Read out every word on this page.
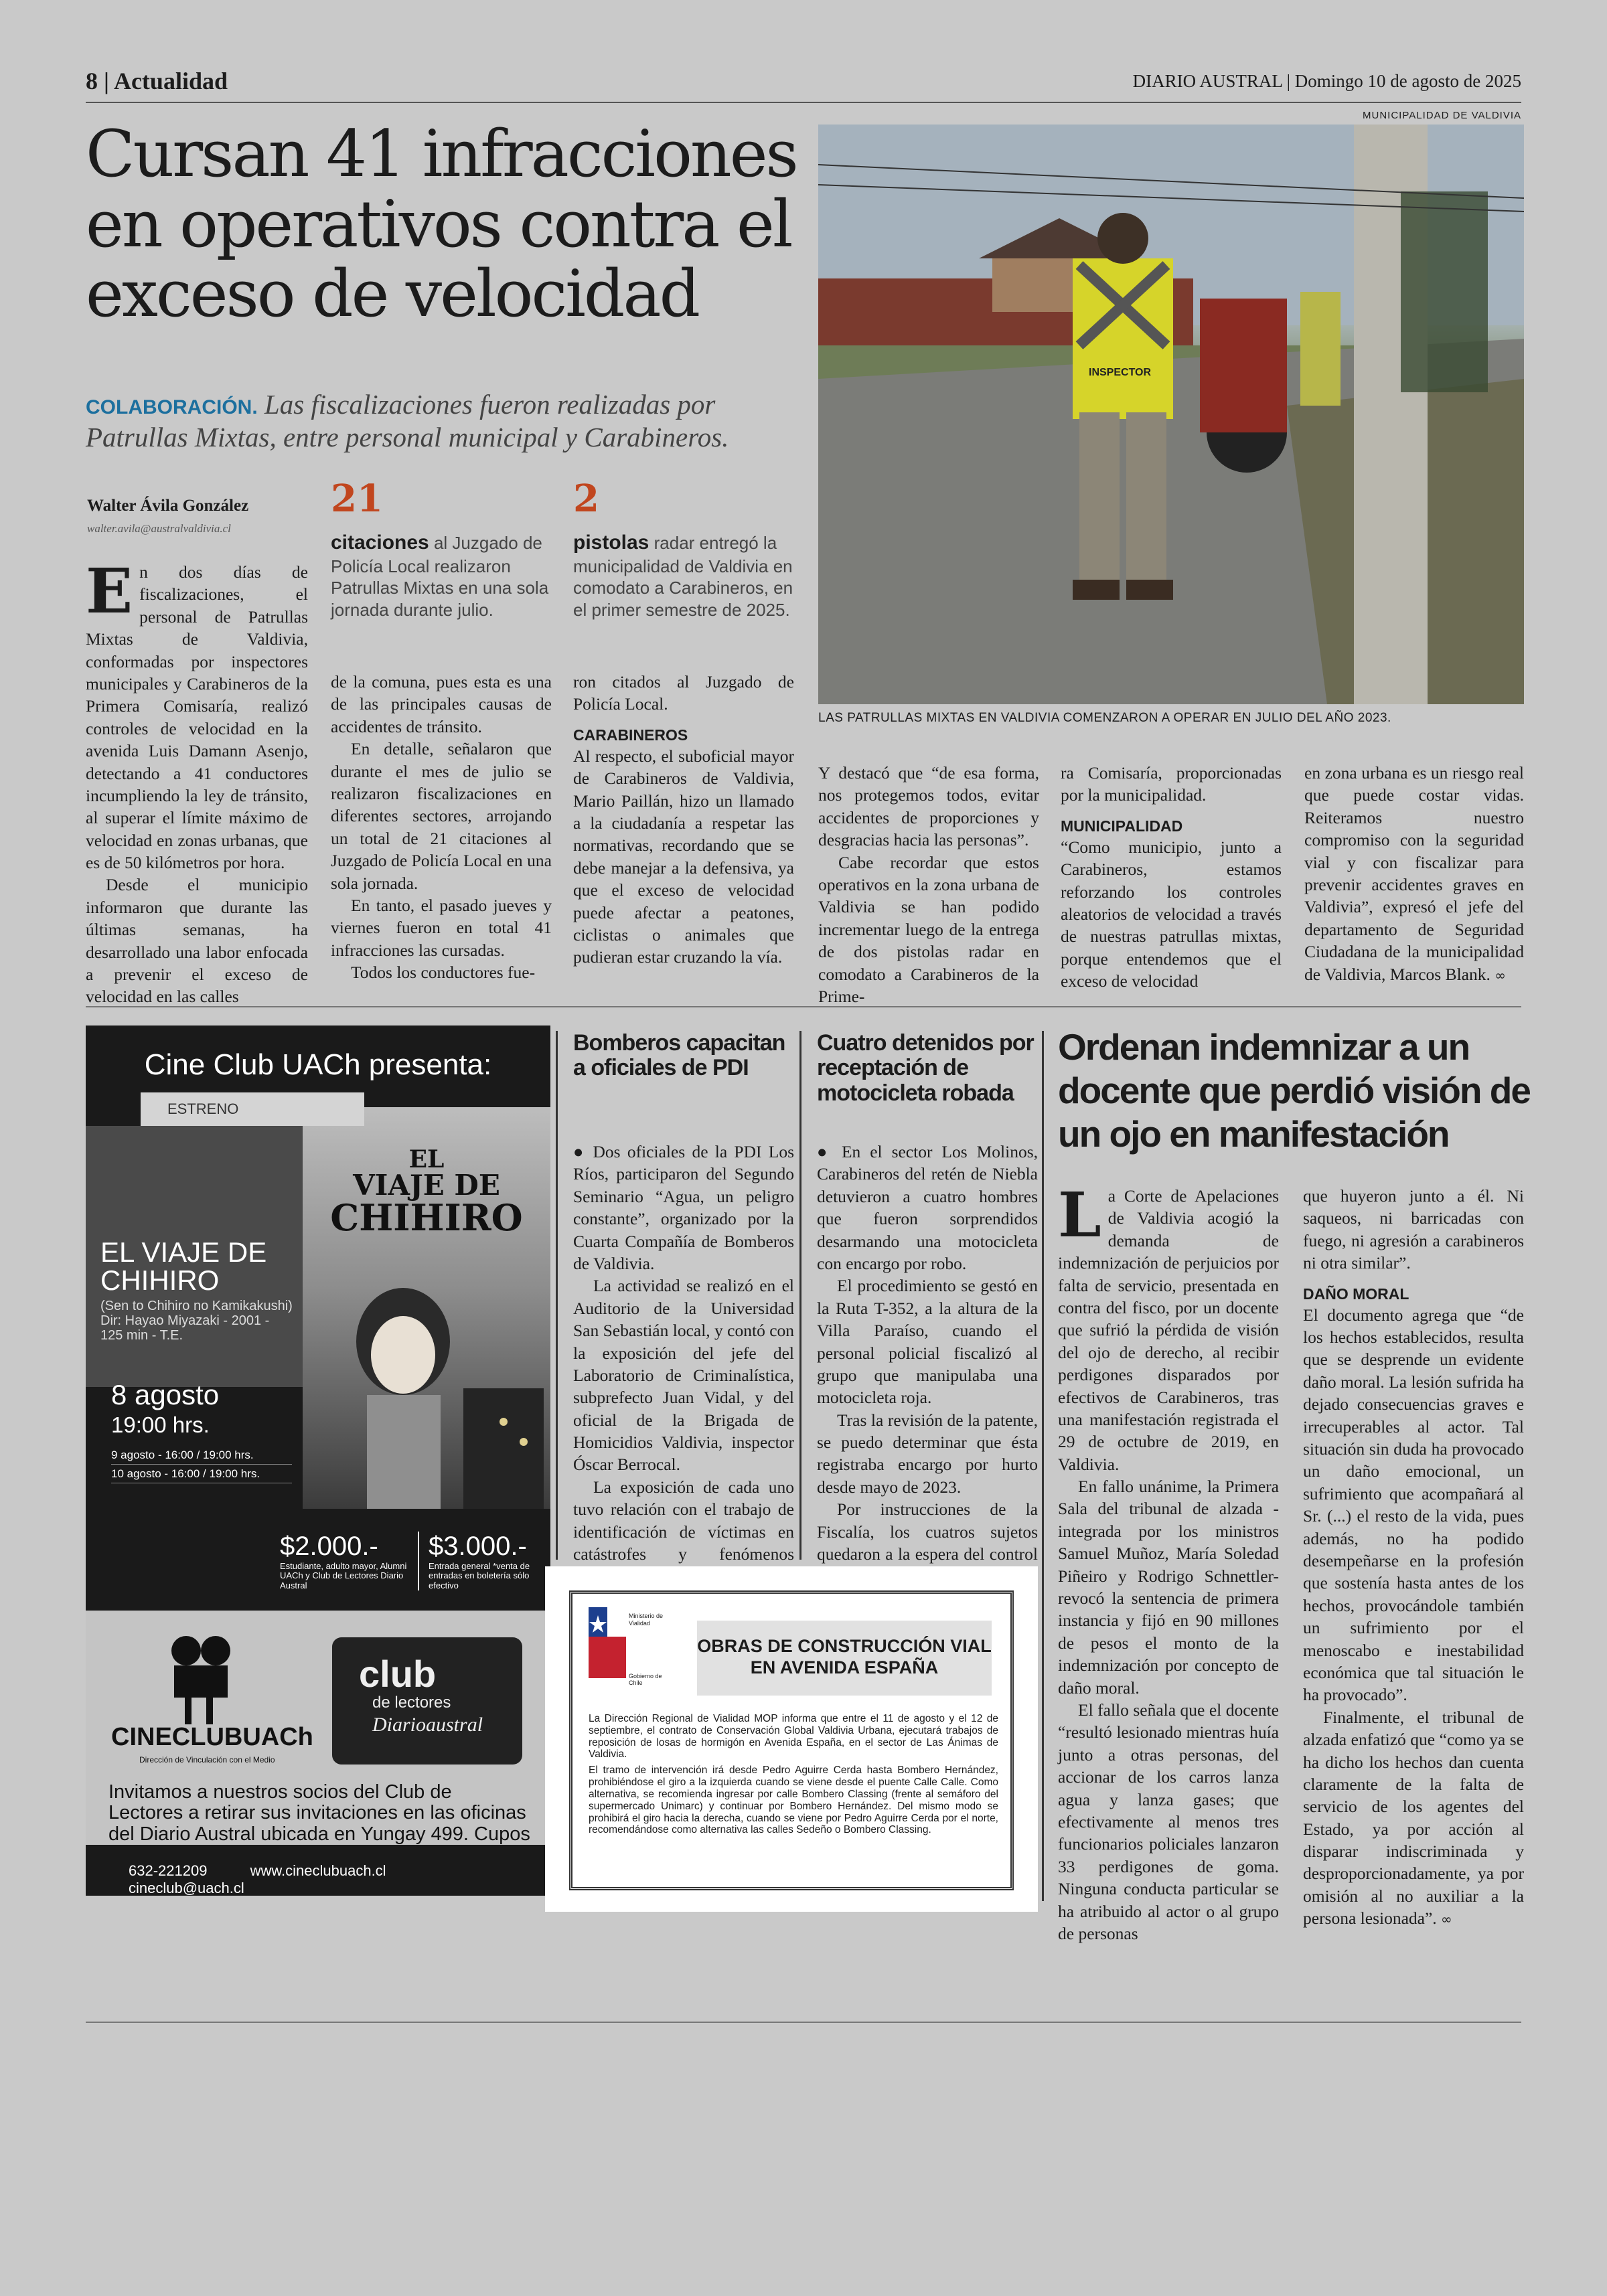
8 | Actualidad	DIARIO AUSTRAL | Domingo 10 de agosto de 2025
MUNICIPALIDAD DE VALDIVIA
Cursan 41 infracciones en operativos contra el exceso de velocidad
COLABORACIÓN. Las fiscalizaciones fueron realizadas por Patrullas Mixtas, entre personal municipal y Carabineros.
INSPECTOR
LAS PATRULLAS MIXTAS EN VALDIVIA COMENZARON A OPERAR EN JULIO DEL AÑO 2023.
Walter Ávila González
walter.avila@australvaldivia.cl
21
citaciones al Juzgado de Policía Local realizaron Patrullas Mixtas en una sola jornada durante julio.
2
pistolas radar entregó la municipalidad de Valdivia en comodato a Carabineros, en el primer semestre de 2025.

En dos días de fiscalizaciones, el personal de Patrullas Mixtas de Valdivia, conformadas por inspectores municipales y Carabineros de la Primera Comisaría, realizó controles de velocidad en la avenida Luis Damann Asenjo, detectando a 41 conductores incumpliendo la ley de tránsito, al superar el límite máximo de velocidad en zonas urbanas, que es de 50 kilómetros por hora.

Desde el municipio informaron que durante las últimas semanas, ha desarrollado una labor enfocada a prevenir el exceso de velocidad en las calles

de la comuna, pues esta es una de las principales causas de accidentes de tránsito.

En detalle, señalaron que durante el mes de julio se realizaron fiscalizaciones en diferentes sectores, arrojando un total de 21 citaciones al Juzgado de Policía Local en una sola jornada.

En tanto, el pasado jueves y viernes fueron en total 41 infracciones las cursadas.

Todos los conductores fue-

ron citados al Juzgado de Policía Local.

CARABINEROS

Al respecto, el suboficial mayor de Carabineros de Valdivia, Mario Paillán, hizo un llamado a la ciudadanía a respetar las normativas, recordando que se debe manejar a la defensiva, ya que el exceso de velocidad puede afectar a peatones, ciclistas o animales que pudieran estar cruzando la vía.

Y destacó que “de esa forma, nos protegemos todos, evitar accidentes de proporciones y desgracias hacia las personas”.

Cabe recordar que estos operativos en la zona urbana de Valdivia se han podido incrementar luego de la entrega de dos pistolas radar en comodato a Carabineros de la Prime-

ra Comisaría, proporcionadas por la municipalidad.

MUNICIPALIDAD

“Como municipio, junto a Carabineros, estamos reforzando los controles aleatorios de velocidad a través de nuestras patrullas mixtas, porque entendemos que el exceso de velocidad

en zona urbana es un riesgo real que puede costar vidas. Reiteramos nuestro compromiso con la seguridad vial y con fiscalizar para prevenir accidentes graves en Valdivia”, expresó el jefe del departamento de Seguridad Ciudadana de la municipalidad de Valdivia, Marcos Blank. ∞

Cine Club UACh presenta:
EL
VIAJE DE
CHIHIRO
ESTRENO
EL VIAJE DE CHIHIRO
(Sen to Chihiro no Kamikakushi)
Dir: Hayao Miyazaki - 2001 -
125 min - T.E.
8 agosto
19:00 hrs.
9 agosto - 16:00 / 19:00 hrs.
10 agosto - 16:00 / 19:00 hrs.
$2.000.-
Estudiante, adulto mayor, Alumni UACh y Club de Lectores Diario Austral
$3.000.-
Entrada general *venta de entradas en boletería sólo efectivo
CINECLUBUACh
Dirección de Vinculación con el Medio
club
de lectores
Diarioaustral
Invitamos a nuestros socios del Club de Lectores a retirar sus invitaciones en las oficinas del Diario Austral ubicada en Yungay 499. Cupos
632-221209	www.cineclubuach.cl cineclub@uach.cl
Bomberos capacitan a oficiales de PDI

● Dos oficiales de la PDI Los Ríos, participaron del Segundo Seminario “Agua, un peligro constante”, organizado por la Cuarta Compañía de Bomberos de Valdivia.

La actividad se realizó en el Auditorio de la Universidad San Sebastián local, y contó con la exposición del jefe del Laboratorio de Criminalística, subprefecto Juan Vidal, y del oficial de la Brigada de Homicidios Valdivia, inspector Óscar Berrocal.

La exposición de cada uno tuvo relación con el trabajo de identificación de víctimas en catástrofes y fenómenos

Cuatro detenidos por receptación de motocicleta robada

● En el sector Los Molinos, Carabineros del retén de Niebla detuvieron a cuatro hombres que fueron sorprendidos desarmando una motocicleta con encargo por robo.

El procedimiento se gestó en la Ruta T-352, a la altura de la Villa Paraíso, cuando el personal policial fiscalizó al grupo que manipulaba una motocicleta roja.

Tras la revisión de la patente, se puedo determinar que ésta registraba encargo por hurto desde mayo de 2023.

Por instrucciones de la Fiscalía, los cuatros sujetos quedaron a la espera del control

Ordenan indemnizar a un docente que perdió visión de un ojo en manifestación

La Corte de Apelaciones de Valdivia acogió la demanda de indemnización de perjuicios por falta de servicio, presentada en contra del fisco, por un docente que sufrió la pérdida de visión del ojo de derecho, al recibir perdigones disparados por efectivos de Carabineros, tras una manifestación registrada el 29 de octubre de 2019, en Valdivia.

En fallo unánime, la Primera Sala del tribunal de alzada -integrada por los ministros Samuel Muñoz, María Soledad Piñeiro y Rodrigo Schnettler- revocó la sentencia de primera instancia y fijó en 90 millones de pesos el monto de la indemnización por concepto de daño moral.

El fallo señala que el docente “resultó lesionado mientras huía junto a otras personas, del accionar de los carros lanza agua y lanza gases; que efectivamente al menos tres funcionarios policiales lanzaron 33 perdigones de goma. Ninguna conducta particular se ha atribuido al actor o al grupo de personas

que huyeron junto a él. Ni saqueos, ni barricadas con fuego, ni agresión a carabineros ni otra similar”.

DAÑO MORAL

El documento agrega que “de los hechos establecidos, resulta que se desprende un evidente daño moral. La lesión sufrida ha dejado consecuencias graves e irrecuperables al actor. Tal situación sin duda ha provocado un daño emocional, un sufrimiento que acompañará al Sr. (...) el resto de la vida, pues además, no ha podido desempeñarse en la profesión que sostenía hasta antes de los hechos, provocándole también un sufrimiento por el menoscabo e inestabilidad económica que tal situación le ha provocado”.

Finalmente, el tribunal de alzada enfatizó que “como ya se ha dicho los hechos dan cuenta claramente de la falta de servicio de los agentes del Estado, ya por acción al disparar indiscriminada y desproporcionadamente, ya por omisión al no auxiliar a la persona lesionada”. ∞

Ministerio de Vialidad
Gobierno de Chile
OBRAS DE CONSTRUCCIÓN VIAL EN AVENIDA ESPAÑA

La Dirección Regional de Vialidad MOP informa que entre el 11 de agosto y el 12 de septiembre, el contrato de Conservación Global Valdivia Urbana, ejecutará trabajos de reposición de losas de hormigón en Avenida España, en el sector de Las Ánimas de Valdivia.

El tramo de intervención irá desde Pedro Aguirre Cerda hasta Bombero Hernández, prohibiéndose el giro a la izquierda cuando se viene desde el puente Calle Calle. Como alternativa, se recomienda ingresar por calle Bombero Classing (frente al semáforo del supermercado Unimarc) y continuar por Bombero Hernández. Del mismo modo se prohibirá el giro hacia la derecha, cuando se viene por Pedro Aguirre Cerda por el norte, recomendándose como alternativa las calles Sedeño o Bombero Classing.
